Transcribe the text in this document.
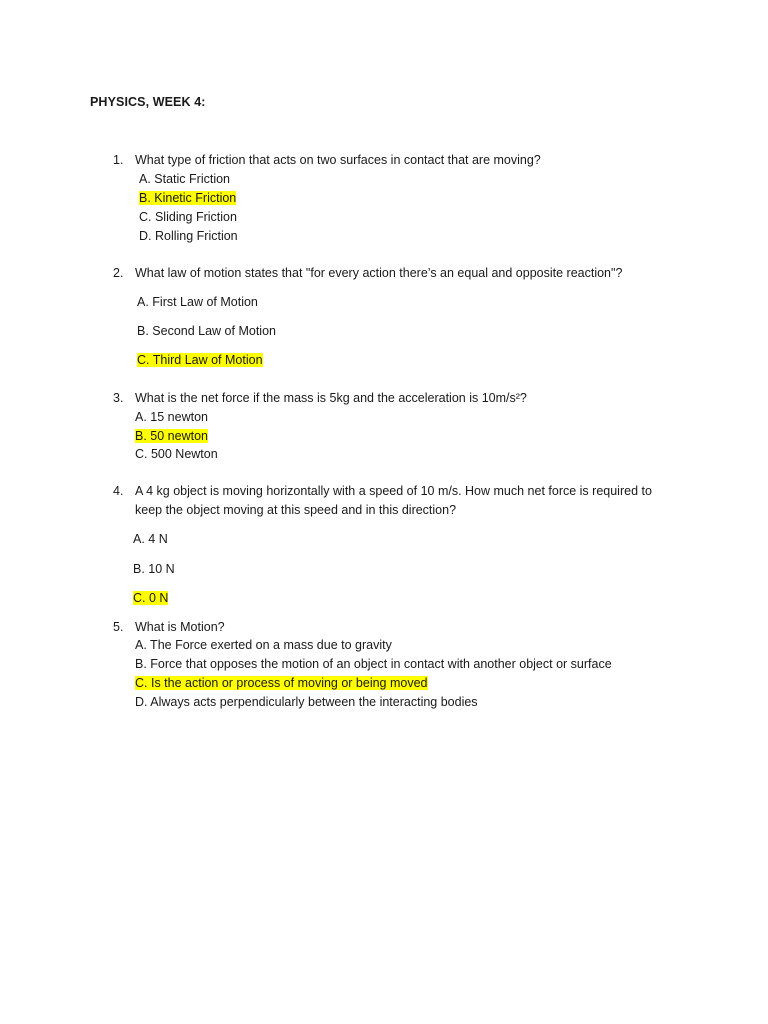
PHYSICS, WEEK 4:
1. What type of friction that acts on two surfaces in contact that are moving?
A. Static Friction
B. Kinetic Friction
C. Sliding Friction
D. Rolling Friction
2. What law of motion states that "for every action there’s an equal and opposite reaction"?
A. First Law of Motion
B. Second Law of Motion
C. Third Law of Motion
3. What is the net force if the mass is 5kg and the acceleration is 10m/s²?
A. 15 newton
B. 50 newton
C. 500 Newton
4. A 4 kg object is moving horizontally with a speed of 10 m/s. How much net force is required to
keep the object moving at this speed and in this direction?
A. 4 N
B. 10 N
C. 0 N
5. What is Motion?
A. The Force exerted on a mass due to gravity
B. Force that opposes the motion of an object in contact with another object or surface
C. Is the action or process of moving or being moved
D. Always acts perpendicularly between the interacting bodies
